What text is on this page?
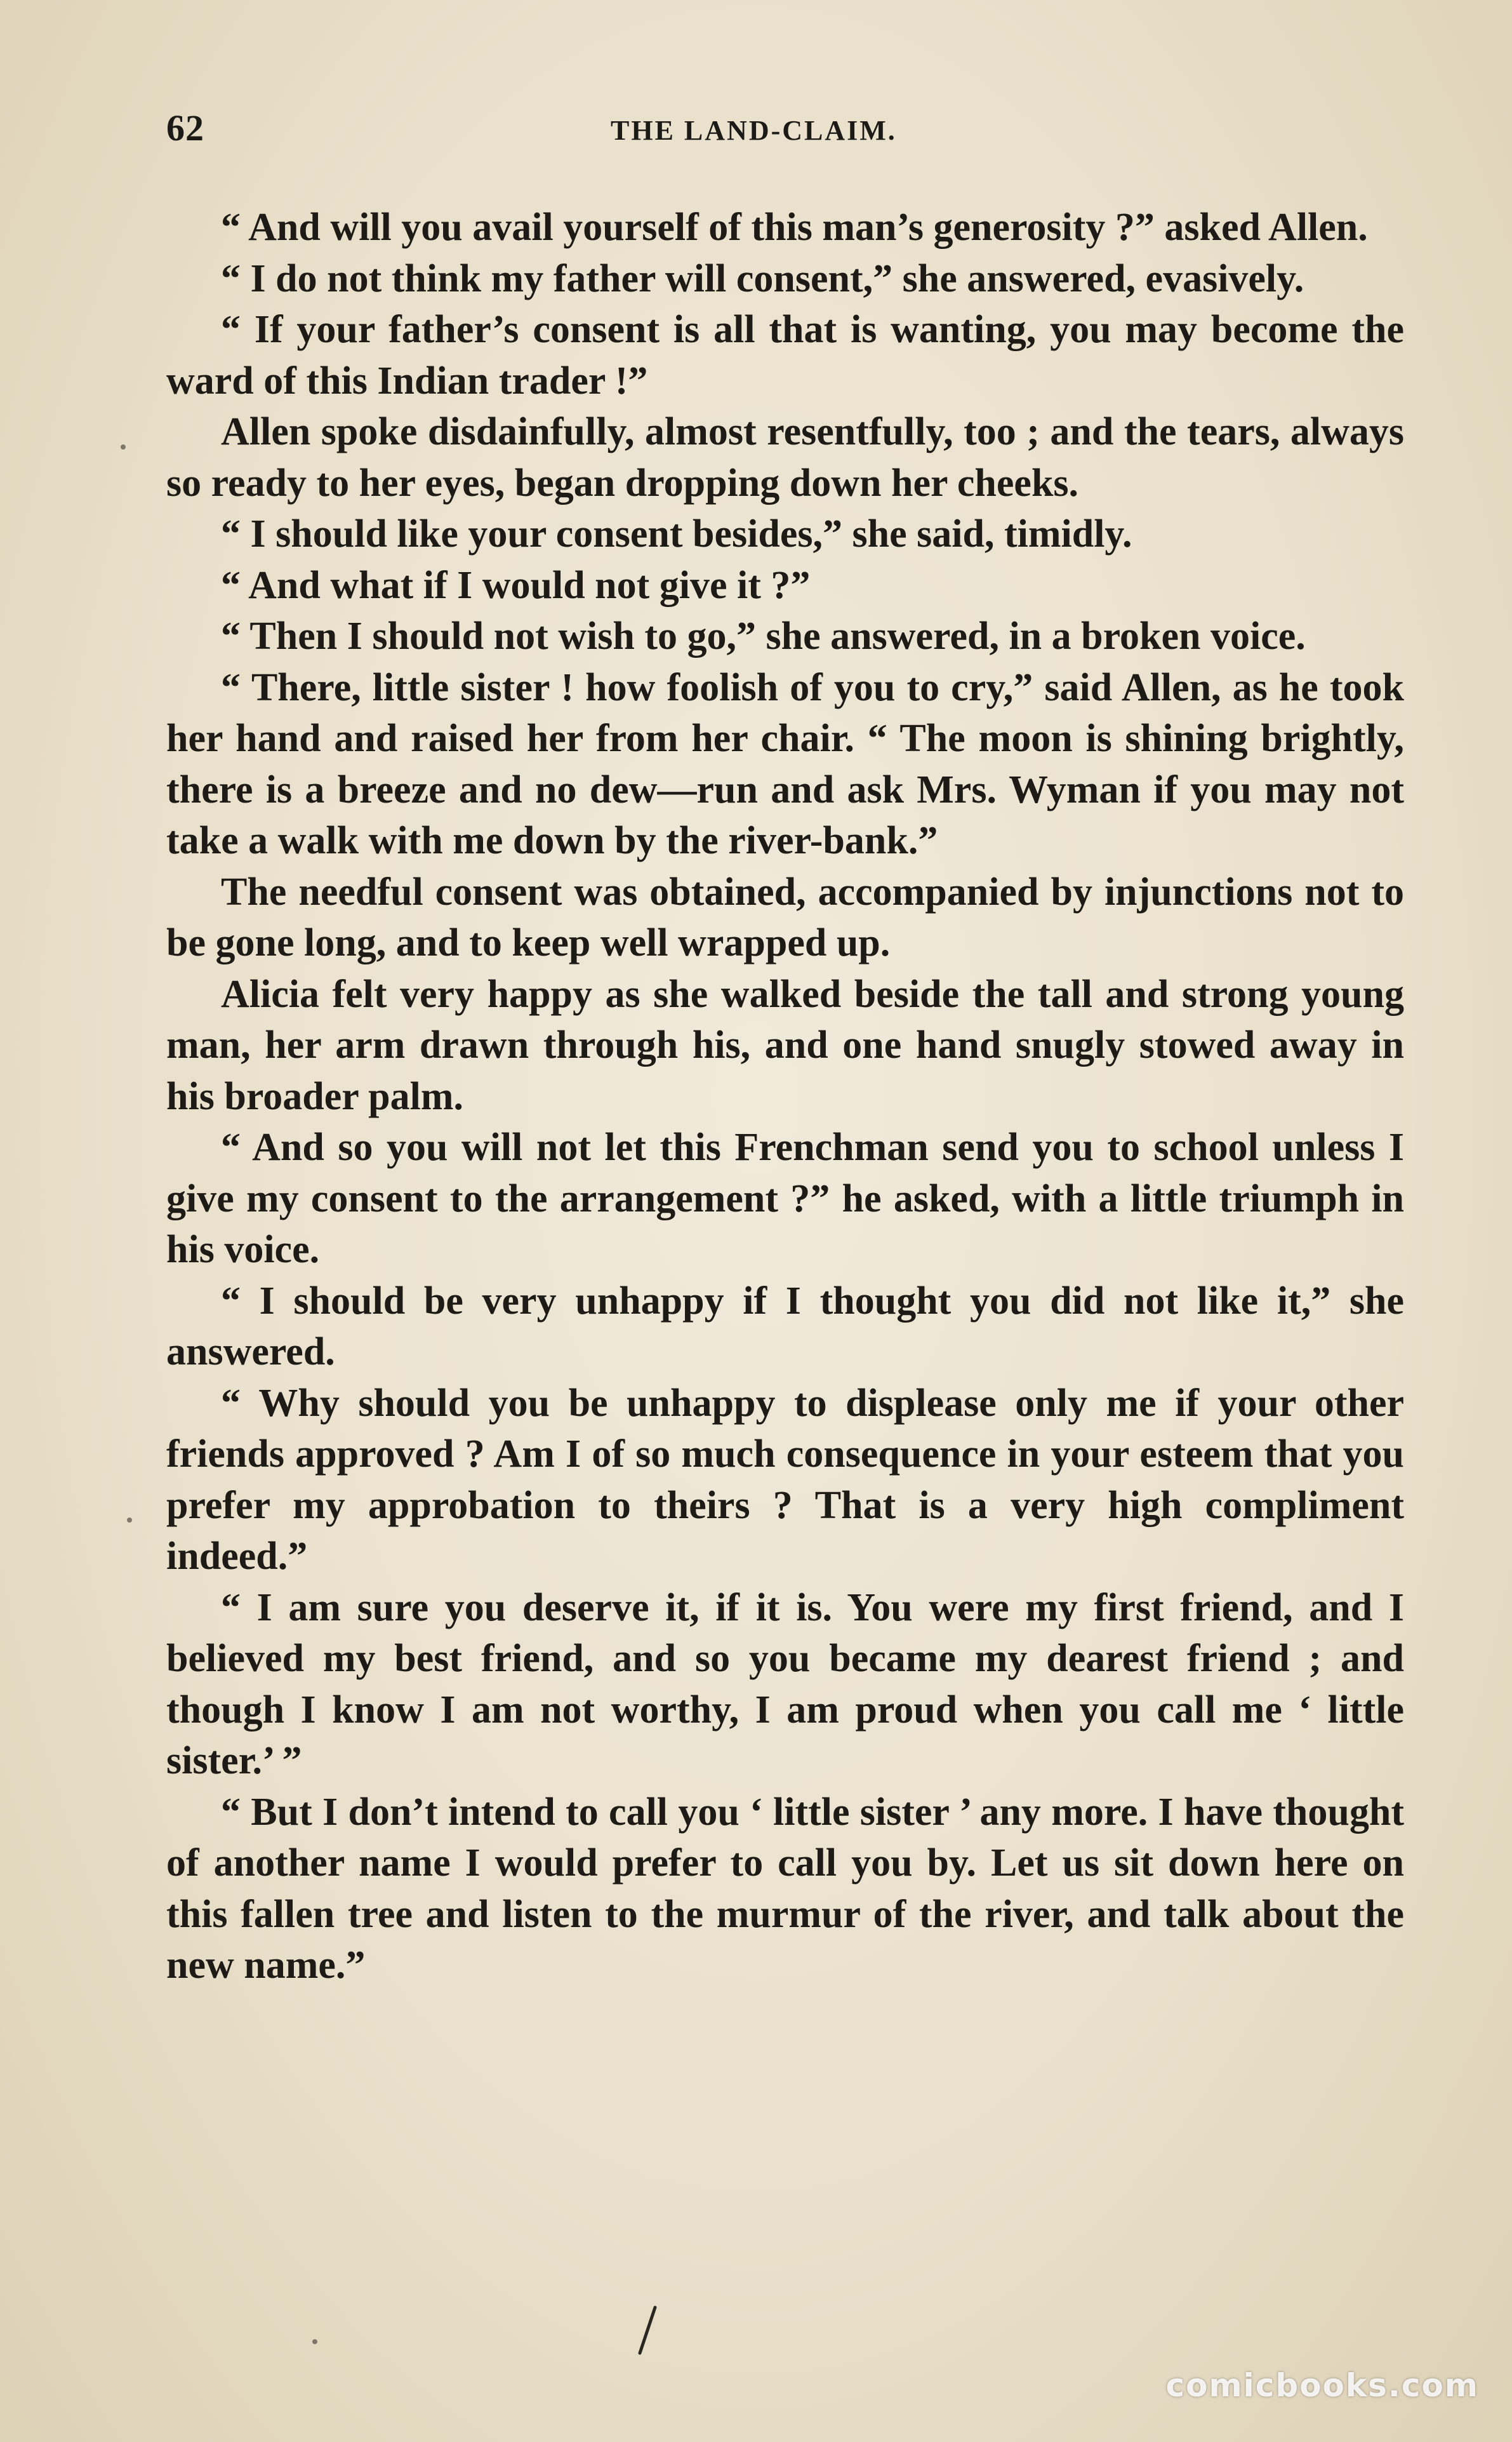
62	THE LAND-CLAIM.

“ And will you avail yourself of this man’s generosity ?” asked Allen.

“ I do not think my father will consent,” she answered, evasively.

“ If your father’s consent is all that is wanting, you may become the ward of this Indian trader !”

Allen spoke disdainfully, almost resentfully, too ; and the tears, always so ready to her eyes, began dropping down her cheeks.

“ I should like your consent besides,” she said, timidly.

“ And what if I would not give it ?”

“ Then I should not wish to go,” she answered, in a broken voice.

“ There, little sister ! how foolish of you to cry,” said Allen, as he took her hand and raised her from her chair. “ The moon is shining brightly, there is a breeze and no dew—run and ask Mrs. Wyman if you may not take a walk with me down by the river-bank.”

The needful consent was obtained, accompanied by injunctions not to be gone long, and to keep well wrapped up.

Alicia felt very happy as she walked beside the tall and strong young man, her arm drawn through his, and one hand snugly stowed away in his broader palm.

“ And so you will not let this Frenchman send you to school unless I give my consent to the arrangement ?” he asked, with a little triumph in his voice.

“ I should be very unhappy if I thought you did not like it,” she answered.

“ Why should you be unhappy to displease only me if your other friends approved ? Am I of so much consequence in your esteem that you prefer my approbation to theirs ? That is a very high compliment indeed.”

“ I am sure you deserve it, if it is. You were my first friend, and I believed my best friend, and so you became my dearest friend ; and though I know I am not worthy, I am proud when you call me ‘ little sister.’ ”

“ But I don’t intend to call you ‘ little sister ’ any more. I have thought of another name I would prefer to call you by. Let us sit down here on this fallen tree and listen to the murmur of the river, and talk about the new name.”

comicbooks.com
